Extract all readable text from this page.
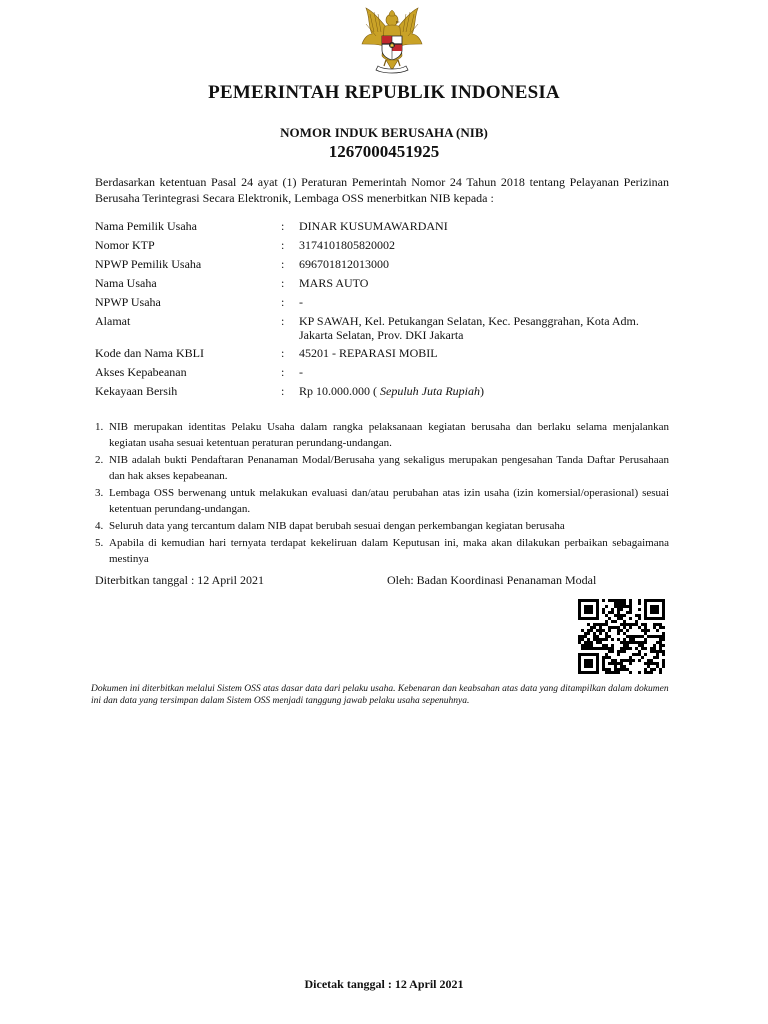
PEMERINTAH REPUBLIK INDONESIA
NOMOR INDUK BERUSAHA (NIB)
1267000451925
Berdasarkan ketentuan Pasal 24 ayat (1) Peraturan Pemerintah Nomor 24 Tahun 2018 tentang Pelayanan Perizinan Berusaha Terintegrasi Secara Elektronik, Lembaga OSS menerbitkan NIB kepada :
Nama Pemilik Usaha	: DINAR KUSUMAWARDANI
Nomor KTP	: 3174101805820002
NPWP Pemilik Usaha	: 696701812013000
Nama Usaha	: MARS AUTO
NPWP Usaha	: -
Alamat	: KP SAWAH, Kel. Petukangan Selatan, Kec. Pesanggrahan, Kota Adm. Jakarta Selatan, Prov. DKI Jakarta
Kode dan Nama KBLI	: 45201 - REPARASI MOBIL
Akses Kepabeanan	: -
Kekayaan Bersih	: Rp 10.000.000 ( Sepuluh Juta Rupiah)
1. NIB merupakan identitas Pelaku Usaha dalam rangka pelaksanaan kegiatan berusaha dan berlaku selama menjalankan kegiatan usaha sesuai ketentuan peraturan perundang-undangan.
2. NIB adalah bukti Pendaftaran Penanaman Modal/Berusaha yang sekaligus merupakan pengesahan Tanda Daftar Perusahaan dan hak akses kepabeanan.
3. Lembaga OSS berwenang untuk melakukan evaluasi dan/atau perubahan atas izin usaha (izin komersial/operasional) sesuai ketentuan perundang-undangan.
4. Seluruh data yang tercantum dalam NIB dapat berubah sesuai dengan perkembangan kegiatan berusaha
5. Apabila di kemudian hari ternyata terdapat kekeliruan dalam Keputusan ini, maka akan dilakukan perbaikan sebagaimana mestinya
Diterbitkan tanggal : 12 April 2021	Oleh: Badan Koordinasi Penanaman Modal
Dokumen ini diterbitkan melalui Sistem OSS atas dasar data dari pelaku usaha. Kebenaran dan keabsahan atas data yang ditampilkan dalam dokumen ini dan data yang tersimpan dalam Sistem OSS menjadi tanggung jawab pelaku usaha sepenuhnya.
Dicetak tanggal : 12 April 2021
